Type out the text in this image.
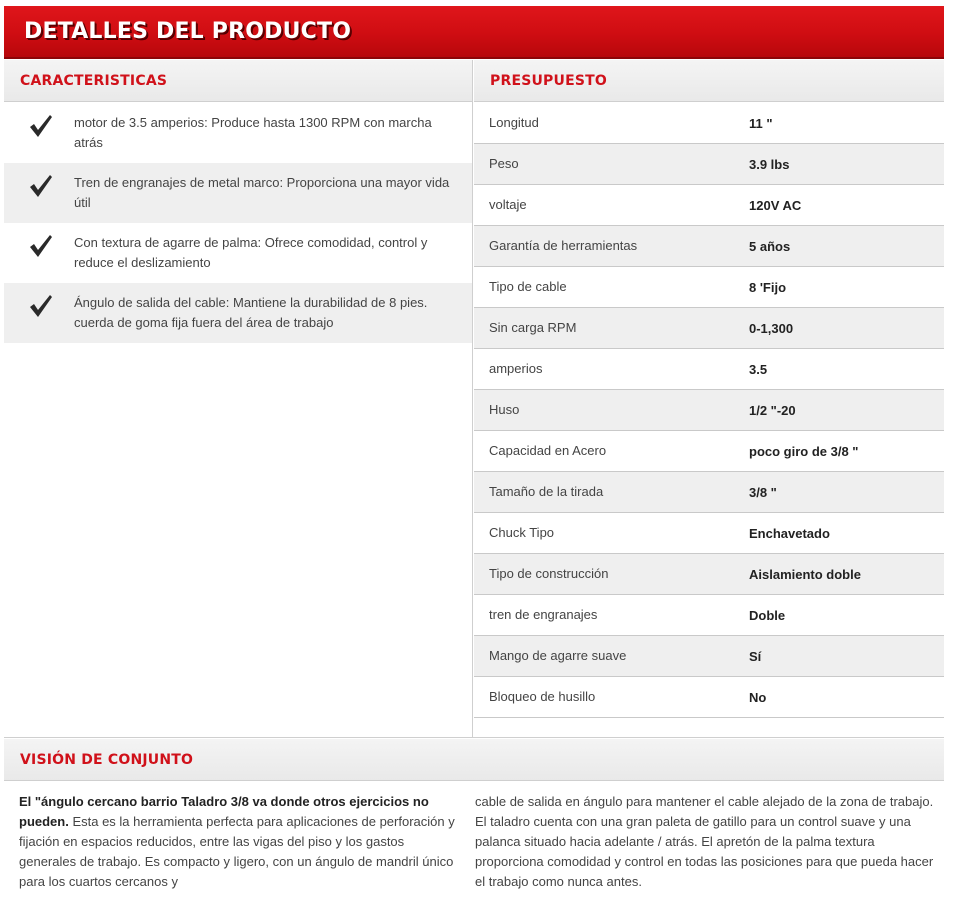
DETALLES DEL PRODUCTO
CARACTERISTICAS	PRESUPUESTO
motor de 3.5 amperios: Produce hasta 1300 RPM con marcha atrás
Tren de engranajes de metal marco: Proporciona una mayor vida útil
Con textura de agarre de palma: Ofrece comodidad, control y reduce el deslizamiento
Ángulo de salida del cable: Mantiene la durabilidad de 8 pies. cuerda de goma fija fuera del área de trabajo
Longitud	11 "
Peso	3.9 lbs
voltaje	120V AC
Garantía de herramientas	5 años
Tipo de cable	8 'Fijo
Sin carga RPM	0-1,300
amperios	3.5
Huso	1/2 "-20
Capacidad en Acero	poco giro de 3/8 "
Tamaño de la tirada	3/8 "
Chuck Tipo	Enchavetado
Tipo de construcción	Aislamiento doble
tren de engranajes	Doble
Mango de agarre suave	Sí
Bloqueo de husillo	No
VISIÓN DE CONJUNTO
El "ángulo cercano barrio Taladro 3/8 va donde otros ejercicios no pueden. Esta es la herramienta perfecta para aplicaciones de perforación y fijación en espacios reducidos, entre las vigas del piso y los gastos generales de trabajo. Es compacto y ligero, con un ángulo de mandril único para los cuartos cercanos y
cable de salida en ángulo para mantener el cable alejado de la zona de trabajo. El taladro cuenta con una gran paleta de gatillo para un control suave y una palanca situado hacia adelante / atrás. El apretón de la palma textura proporciona comodidad y control en todas las posiciones para que pueda hacer el trabajo como nunca antes.
